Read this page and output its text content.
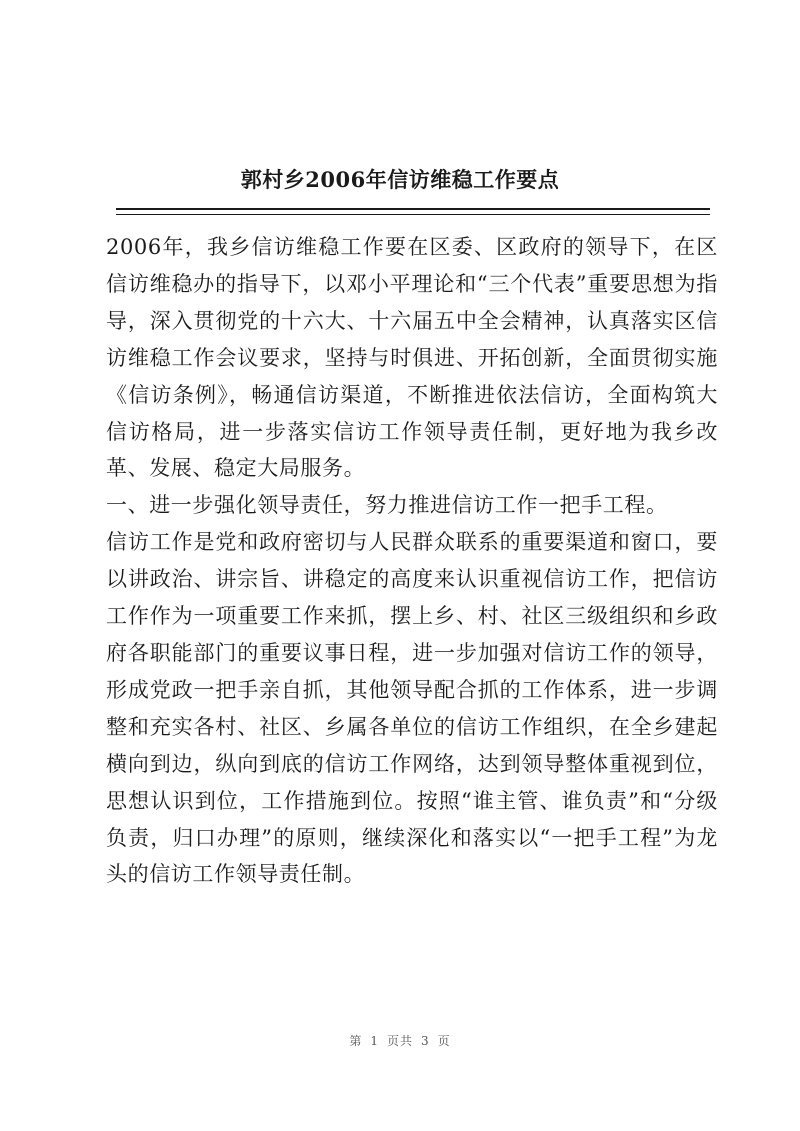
郭村乡2006年信访维稳工作要点

2006年，我乡信访维稳工作要在区委、区政府的领导下，在区信访维稳办的指导下，以邓小平理论和“三个代表”重要思想为指导，深入贯彻党的十六大、十六届五中全会精神，认真落实区信访维稳工作会议要求，坚持与时俱进、开拓创新，全面贯彻实施《信访条例》，畅通信访渠道，不断推进依法信访，全面构筑大信访格局，进一步落实信访工作领导责任制，更好地为我乡改革、发展、稳定大局服务。

一、进一步强化领导责任，努力推进信访工作一把手工程。

信访工作是党和政府密切与人民群众联系的重要渠道和窗口，要以讲政治、讲宗旨、讲稳定的高度来认识重视信访工作，把信访工作作为一项重要工作来抓，摆上乡、村、社区三级组织和乡政府各职能部门的重要议事日程，进一步加强对信访工作的领导，形成党政一把手亲自抓，其他领导配合抓的工作体系，进一步调整和充实各村、社区、乡属各单位的信访工作组织，在全乡建起横向到边，纵向到底的信访工作网络，达到领导整体重视到位，思想认识到位，工作措施到位。按照“谁主管、谁负责”和“分级负责，归口办理”的原则，继续深化和落实以“一把手工程”为龙头的信访工作领导责任制。

第 1 页共 3 页
